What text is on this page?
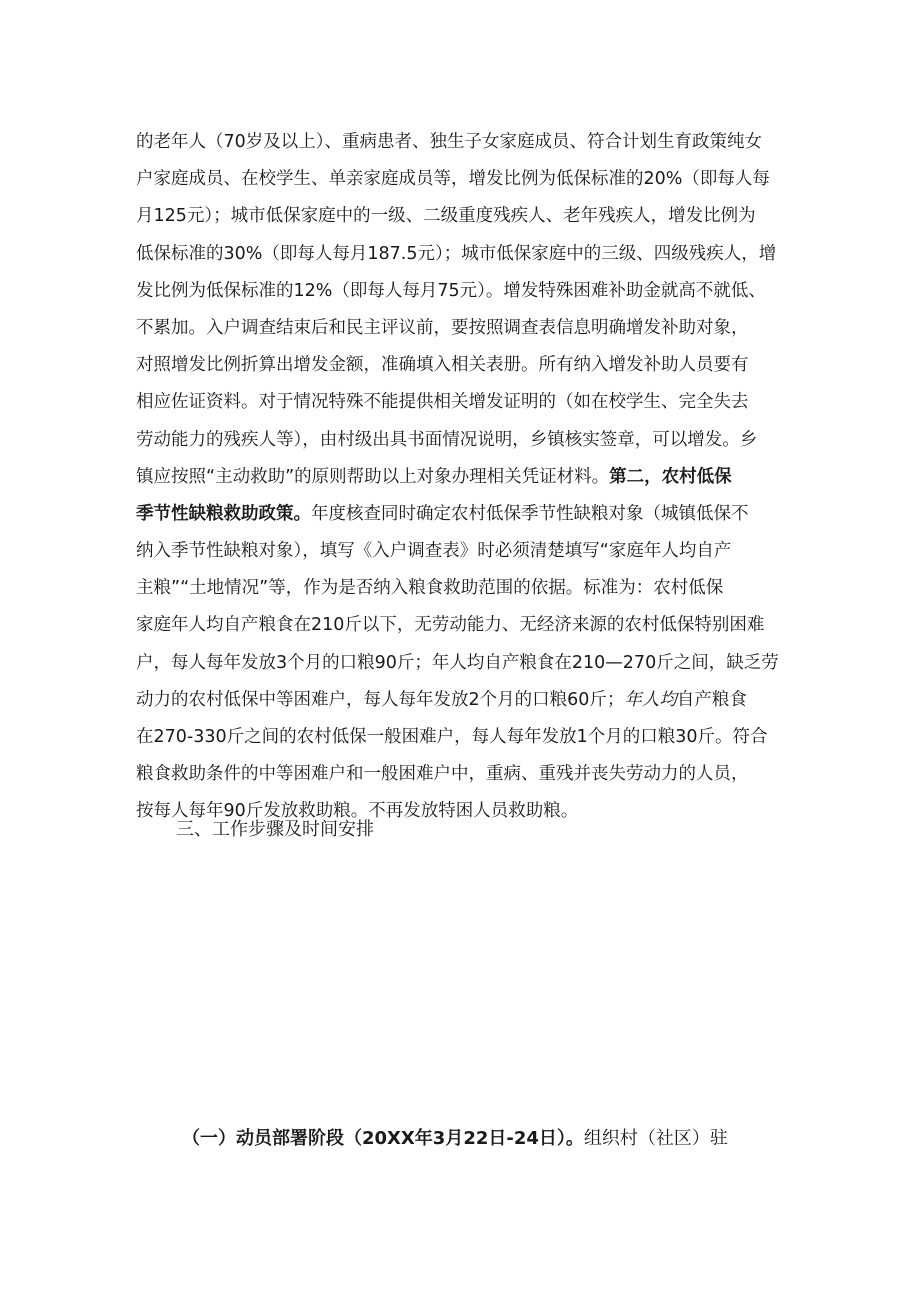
的老年人（70岁及以上）、重病患者、独生子女家庭成员、符合计划生育政策纯女
户家庭成员、在校学生、单亲家庭成员等，增发比例为低保标准的20%（即每人每
月125元）；城市低保家庭中的一级、二级重度残疾人、老年残疾人，增发比例为
低保标准的30%（即每人每月187.5元）；城市低保家庭中的三级、四级残疾人，增
发比例为低保标准的12%（即每人每月75元）。增发特殊困难补助金就高不就低、
不累加。入户调查结束后和民主评议前，要按照调查表信息明确增发补助对象，
对照增发比例折算出增发金额，准确填入相关表册。所有纳入增发补助人员要有
相应佐证资料。对于情况特殊不能提供相关增发证明的（如在校学生、完全失去
劳动能力的残疾人等），由村级出具书面情况说明，乡镇核实签章，可以增发。乡
镇应按照“主动救助”的原则帮助以上对象办理相关凭证材料。第二，农村低保
季节性缺粮救助政策。年度核查同时确定农村低保季节性缺粮对象（城镇低保不
纳入季节性缺粮对象），填写《入户调查表》时必须清楚填写“家庭年人均自产
主粮”“土地情况”等，作为是否纳入粮食救助范围的依据。标准为：农村低保
家庭年人均自产粮食在210斤以下，无劳动能力、无经济来源的农村低保特别困难
户，每人每年发放3个月的口粮90斤；年人均自产粮食在210—270斤之间，缺乏劳
动力的农村低保中等困难户，每人每年发放2个月的口粮60斤；年人均自产粮食
在270-330斤之间的农村低保一般困难户，每人每年发放1个月的口粮30斤。符合
粮食救助条件的中等困难户和一般困难户中，重病、重残并丧失劳动力的人员，
按每人每年90斤发放救助粮。不再发放特困人员救助粮。
三、工作步骤及时间安排
（一）动员部署阶段（20XX年3月22日-24日）。组织村（社区）驻
